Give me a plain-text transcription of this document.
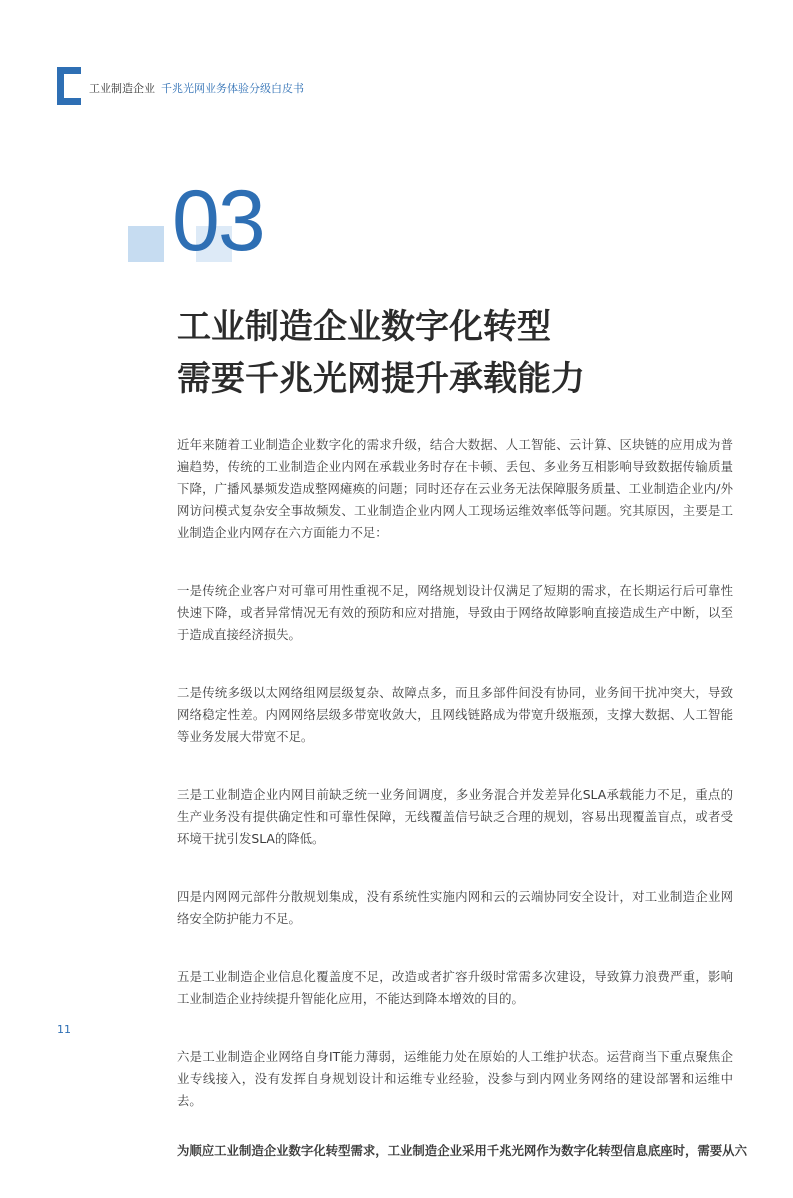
工业制造企业 千兆光网业务体验分级白皮书
03
工业制造企业数字化转型
需要千兆光网提升承载能力

近年来随着工业制造企业数字化的需求升级，结合大数据、人工智能、云计算、区块链的应用成为普遍趋势，传统的工业制造企业内网在承载业务时存在卡顿、丢包、多业务互相影响导致数据传输质量下降，广播风暴频发造成整网瘫痪的问题；同时还存在云业务无法保障服务质量、工业制造企业内/外网访问模式复杂安全事故频发、工业制造企业内网人工现场运维效率低等问题。究其原因，主要是工业制造企业内网存在六方面能力不足：

一是传统企业客户对可靠可用性重视不足，网络规划设计仅满足了短期的需求，在长期运行后可靠性快速下降，或者异常情况无有效的预防和应对措施，导致由于网络故障影响直接造成生产中断，以至于造成直接经济损失。

二是传统多级以太网络组网层级复杂、故障点多，而且多部件间没有协同，业务间干扰冲突大，导致网络稳定性差。内网网络层级多带宽收敛大，且网线链路成为带宽升级瓶颈，支撑大数据、人工智能等业务发展大带宽不足。

三是工业制造企业内网目前缺乏统一业务间调度，多业务混合并发差异化SLA承载能力不足，重点的生产业务没有提供确定性和可靠性保障，无线覆盖信号缺乏合理的规划，容易出现覆盖盲点，或者受环境干扰引发SLA的降低。

四是内网网元部件分散规划集成，没有系统性实施内网和云的云端协同安全设计，对工业制造企业网络安全防护能力不足。

五是工业制造企业信息化覆盖度不足，改造或者扩容升级时常需多次建设，导致算力浪费严重，影响工业制造企业持续提升智能化应用，不能达到降本增效的目的。

六是工业制造企业网络自身IT能力薄弱，运维能力处在原始的人工维护状态。运营商当下重点聚焦企业专线接入，没有发挥自身规划设计和运维专业经验，没参与到内网业务网络的建设部署和运维中去。

为顺应工业制造企业数字化转型需求，工业制造企业采用千兆光网作为数字化转型信息底座时，需要从六

11
